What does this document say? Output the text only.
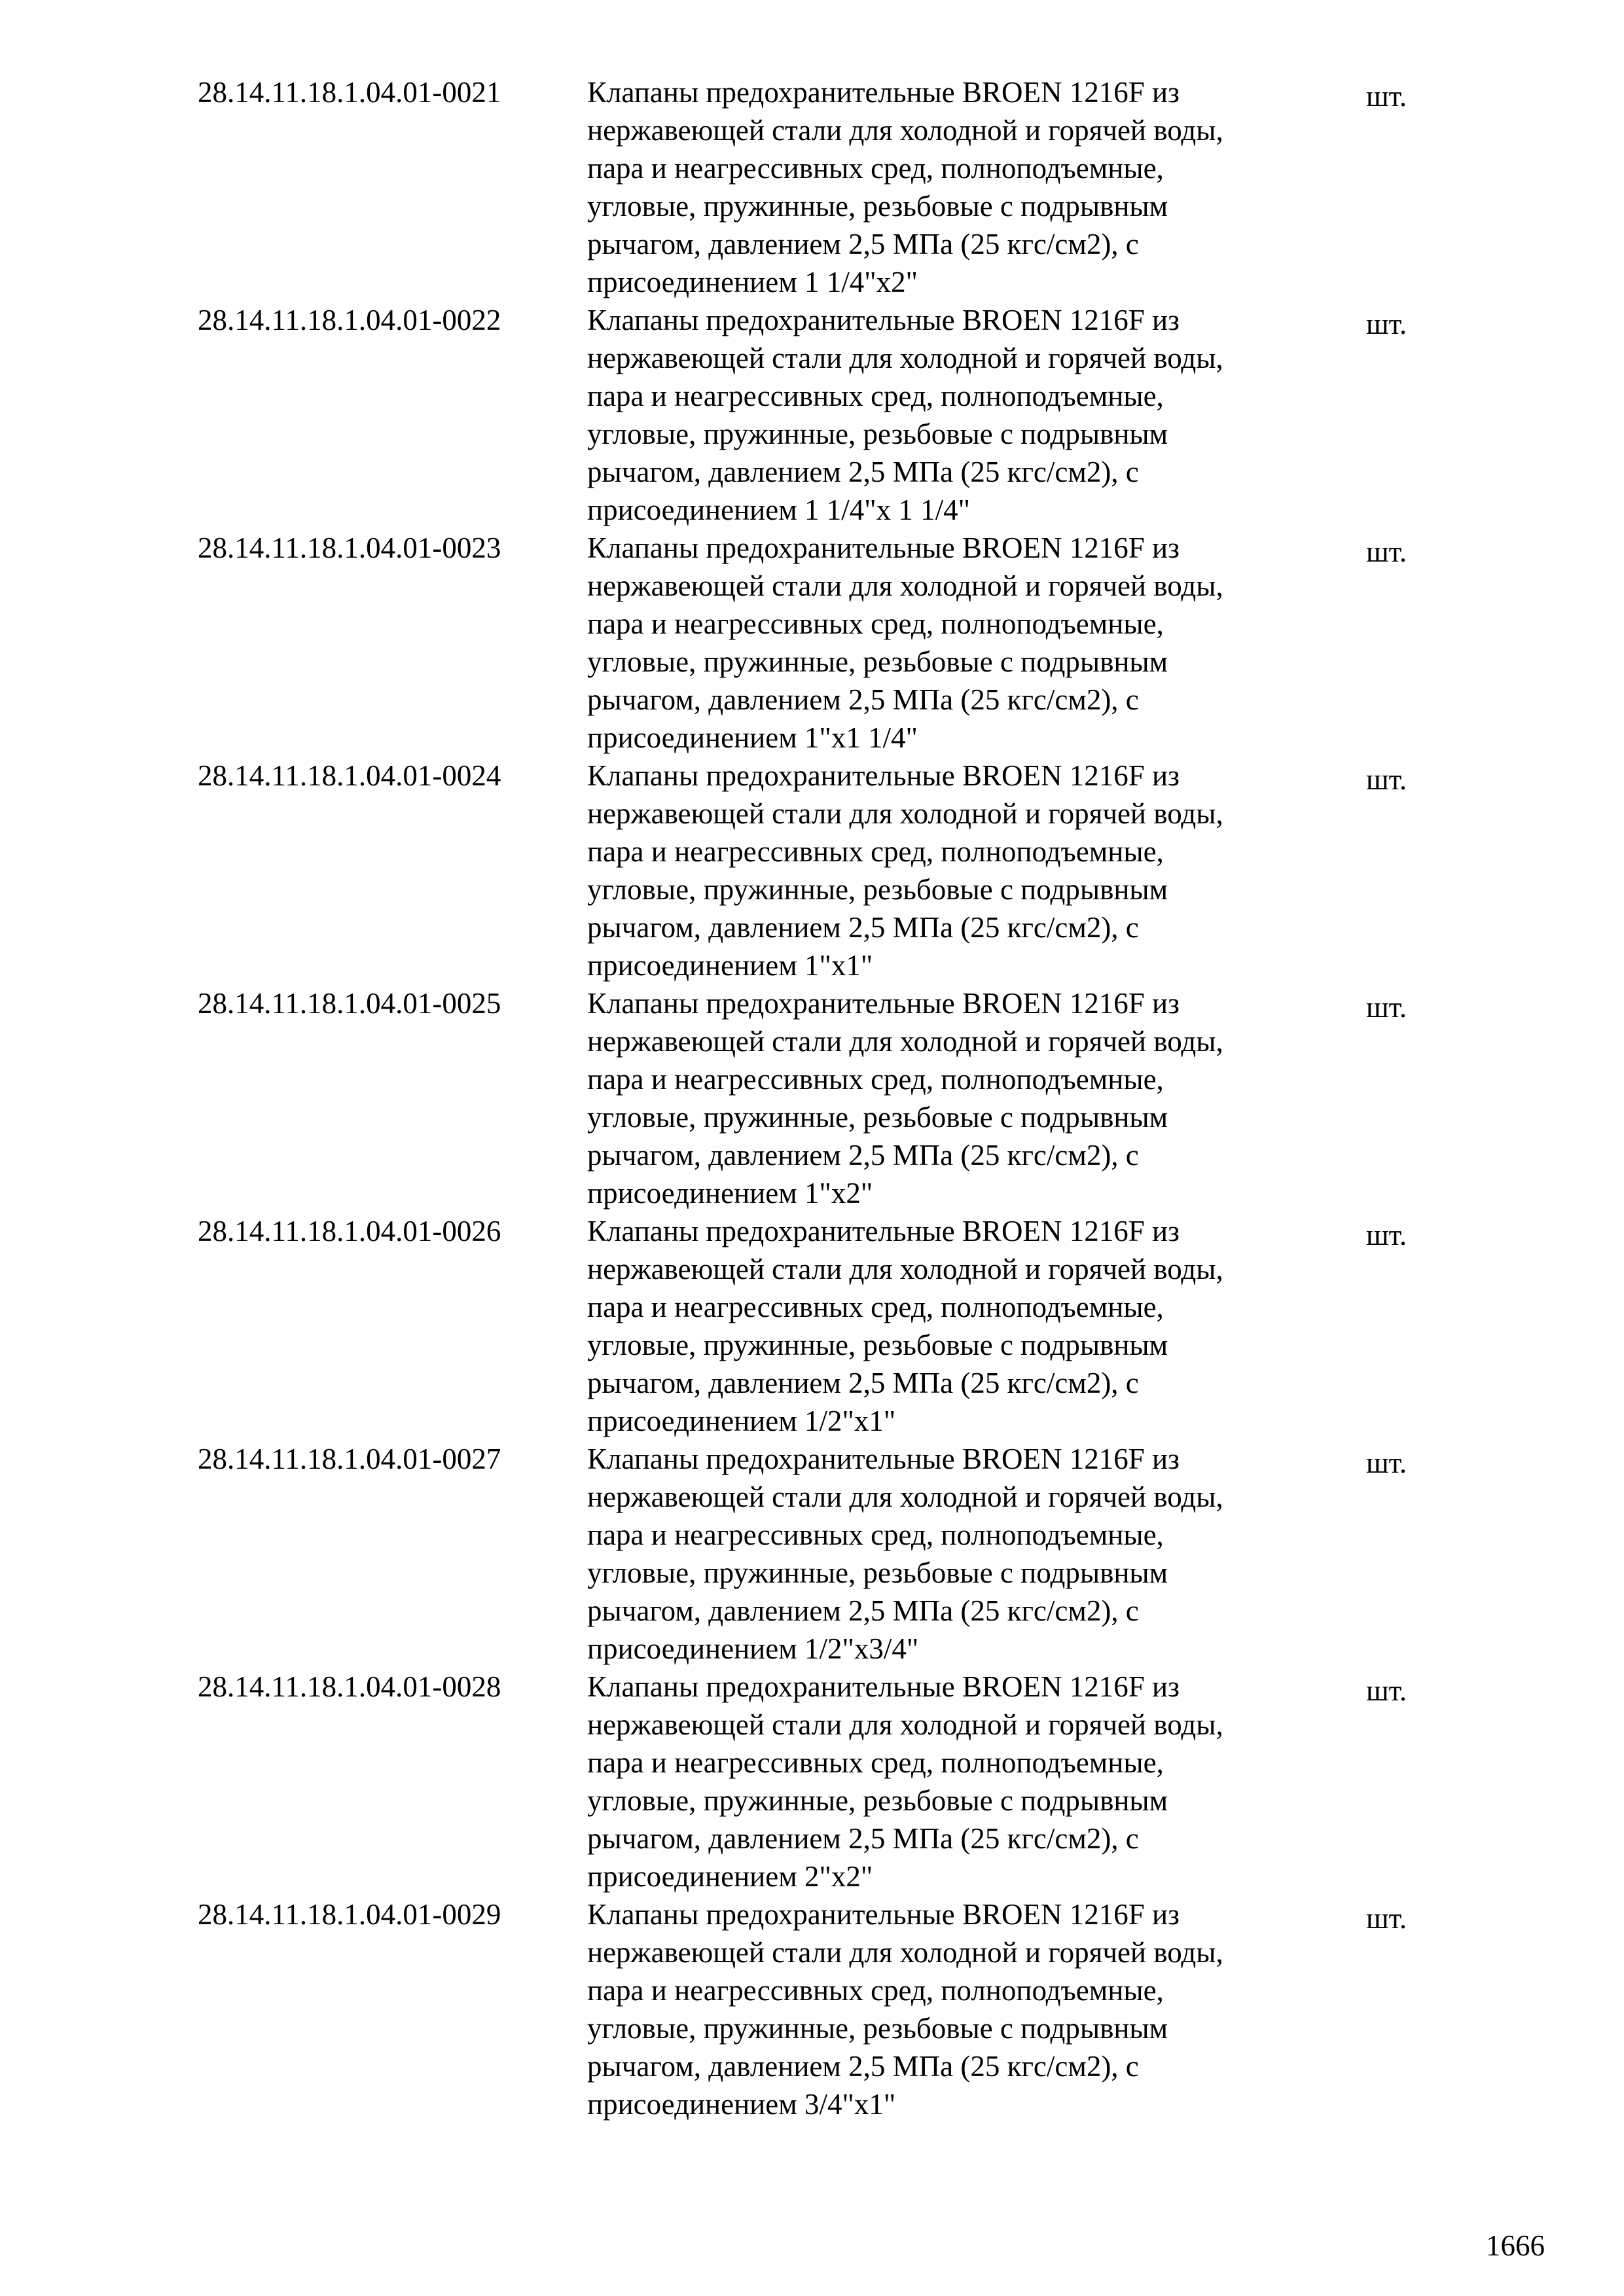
28.14.11.18.1.04.01-0021	Клапаны предохранительные BROEN 1216F из
нержавеющей стали для холодной и горячей воды,
пара и неагрессивных сред, полноподъемные,
угловые, пружинные, резьбовые с подрывным
рычагом, давлением 2,5 МПа (25 кгс/см2), с
присоединением 1 1/4"х2"
шт.
28.14.11.18.1.04.01-0022	Клапаны предохранительные BROEN 1216F из
нержавеющей стали для холодной и горячей воды,
пара и неагрессивных сред, полноподъемные,
угловые, пружинные, резьбовые с подрывным
рычагом, давлением 2,5 МПа (25 кгс/см2), с
присоединением 1 1/4"х 1 1/4"
шт.
28.14.11.18.1.04.01-0023	Клапаны предохранительные BROEN 1216F из
нержавеющей стали для холодной и горячей воды,
пара и неагрессивных сред, полноподъемные,
угловые, пружинные, резьбовые с подрывным
рычагом, давлением 2,5 МПа (25 кгс/см2), с
присоединением 1"х1 1/4"
шт.
28.14.11.18.1.04.01-0024	Клапаны предохранительные BROEN 1216F из
нержавеющей стали для холодной и горячей воды,
пара и неагрессивных сред, полноподъемные,
угловые, пружинные, резьбовые с подрывным
рычагом, давлением 2,5 МПа (25 кгс/см2), с
присоединением 1"х1"
шт.
28.14.11.18.1.04.01-0025	Клапаны предохранительные BROEN 1216F из
нержавеющей стали для холодной и горячей воды,
пара и неагрессивных сред, полноподъемные,
угловые, пружинные, резьбовые с подрывным
рычагом, давлением 2,5 МПа (25 кгс/см2), с
присоединением 1"х2"
шт.
28.14.11.18.1.04.01-0026	Клапаны предохранительные BROEN 1216F из
нержавеющей стали для холодной и горячей воды,
пара и неагрессивных сред, полноподъемные,
угловые, пружинные, резьбовые с подрывным
рычагом, давлением 2,5 МПа (25 кгс/см2), с
присоединением 1/2"х1"
шт.
28.14.11.18.1.04.01-0027	Клапаны предохранительные BROEN 1216F из
нержавеющей стали для холодной и горячей воды,
пара и неагрессивных сред, полноподъемные,
угловые, пружинные, резьбовые с подрывным
рычагом, давлением 2,5 МПа (25 кгс/см2), с
присоединением 1/2"х3/4"
шт.
28.14.11.18.1.04.01-0028	Клапаны предохранительные BROEN 1216F из
нержавеющей стали для холодной и горячей воды,
пара и неагрессивных сред, полноподъемные,
угловые, пружинные, резьбовые с подрывным
рычагом, давлением 2,5 МПа (25 кгс/см2), с
присоединением 2"х2"
шт.
28.14.11.18.1.04.01-0029	Клапаны предохранительные BROEN 1216F из
нержавеющей стали для холодной и горячей воды,
пара и неагрессивных сред, полноподъемные,
угловые, пружинные, резьбовые с подрывным
рычагом, давлением 2,5 МПа (25 кгс/см2), с
присоединением 3/4"х1"
шт.
1666
